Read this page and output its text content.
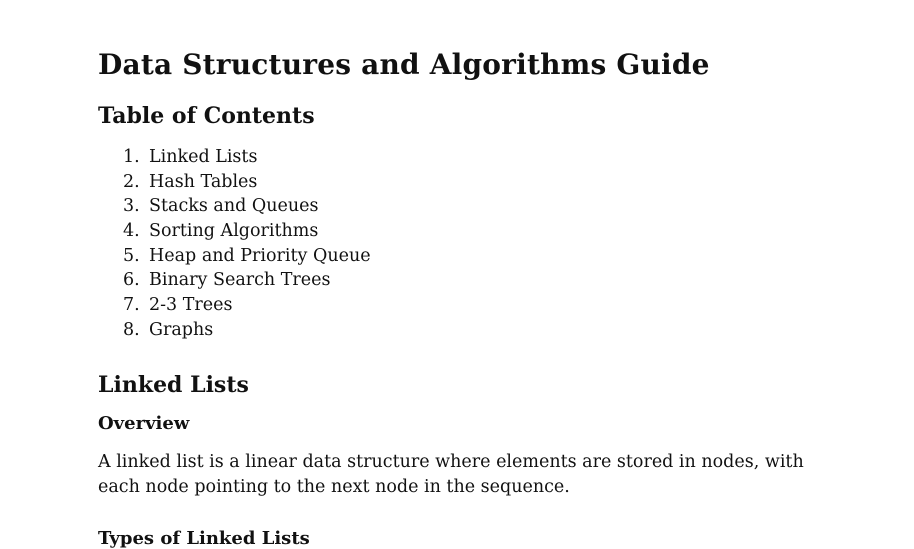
Data Structures and Algorithms Guide
Table of Contents
1. Linked Lists
2. Hash Tables
3. Stacks and Queues
4. Sorting Algorithms
5. Heap and Priority Queue
6. Binary Search Trees
7. 2-3 Trees
8. Graphs
Linked Lists
Overview

A linked list is a linear data structure where elements are stored in nodes, with each node pointing to the next node in the sequence.

Types of Linked Lists
